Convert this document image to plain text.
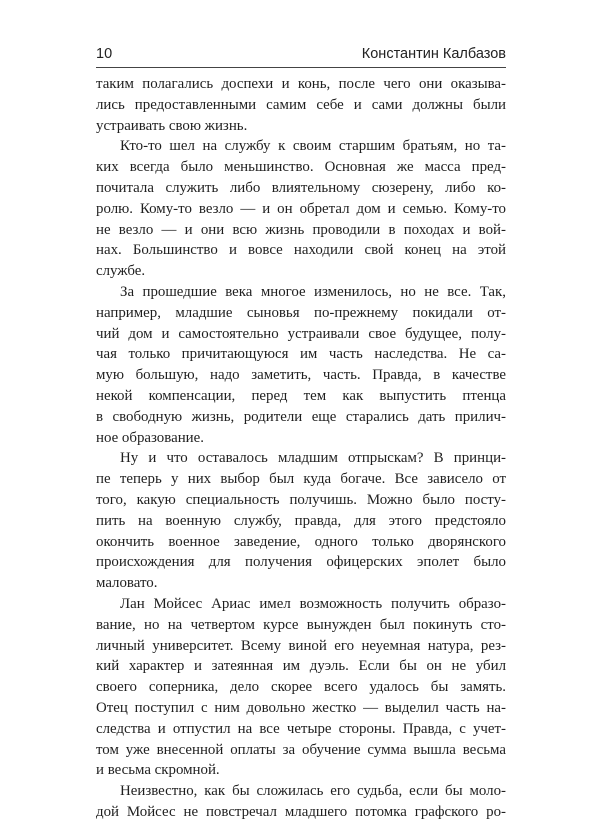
10	Константин Калбазов
таким полагались доспехи и конь, после чего они оказыва-
лись предоставленными самим себе и сами должны были
устраивать свою жизнь.
Кто-то шел на службу к своим старшим братьям, но та-
ких всегда было меньшинство. Основная же масса пред-
почитала служить либо влиятельному сюзерену, либо ко-
ролю. Кому-то везло — и он обретал дом и семью. Кому-то
не везло — и они всю жизнь проводили в походах и вой-
нах. Большинство и вовсе находили свой конец на этой
службе.
За прошедшие века многое изменилось, но не все. Так,
например, младшие сыновья по-прежнему покидали от-
чий дом и самостоятельно устраивали свое будущее, полу-
чая только причитающуюся им часть наследства. Не са-
мую большую, надо заметить, часть. Правда, в качестве
некой компенсации, перед тем как выпустить птенца
в свободную жизнь, родители еще старались дать прилич-
ное образование.
Ну и что оставалось младшим отпрыскам? В принци-
пе теперь у них выбор был куда богаче. Все зависело от
того, какую специальность получишь. Можно было посту-
пить на военную службу, правда, для этого предстояло
окончить военное заведение, одного только дворянского
происхождения для получения офицерских эполет было
маловато.
Лан Мойсес Ариас имел возможность получить образо-
вание, но на четвертом курсе вынужден был покинуть сто-
личный университет. Всему виной его неуемная натура, рез-
кий характер и затеянная им дуэль. Если бы он не убил
своего соперника, дело скорее всего удалось бы замять.
Отец поступил с ним довольно жестко — выделил часть на-
следства и отпустил на все четыре стороны. Правда, с учет-
том уже внесенной оплаты за обучение сумма вышла весьма
и весьма скромной.
Неизвестно, как бы сложилась его судьба, если бы моло-
дой Мойсес не повстречал младшего потомка графского ро-
